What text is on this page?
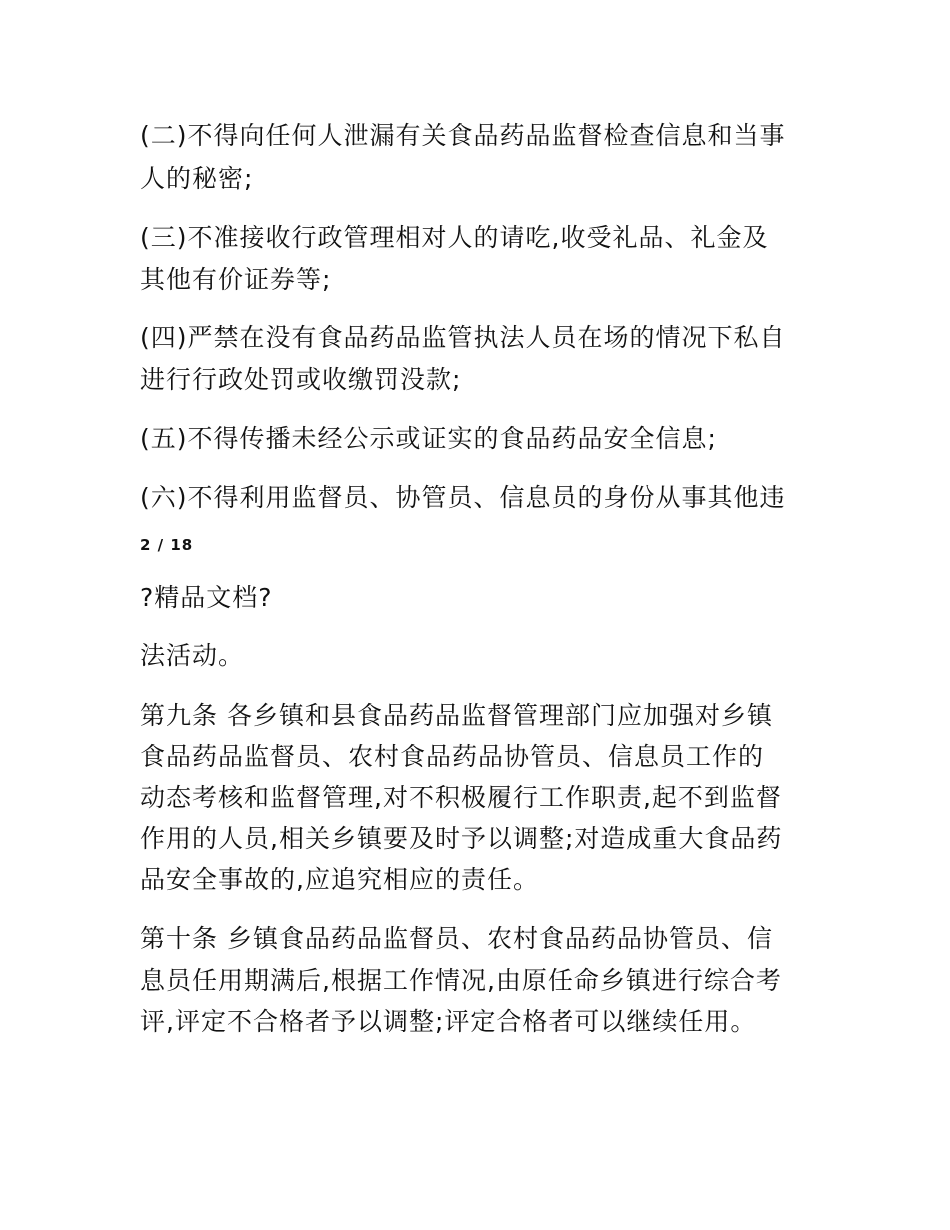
(二)不得向任何人泄漏有关食品药品监督检查信息和当事
人的秘密;
(三)不准接收行政管理相对人的请吃,收受礼品、礼金及
其他有价证券等;
(四)严禁在没有食品药品监管执法人员在场的情况下私自
进行行政处罚或收缴罚没款;
(五)不得传播未经公示或证实的食品药品安全信息;
(六)不得利用监督员、协管员、信息员的身份从事其他违
2 / 18
?精品文档?
法活动。
第九条 各乡镇和县食品药品监督管理部门应加强对乡镇
食品药品监督员、农村食品药品协管员、信息员工作的
动态考核和监督管理,对不积极履行工作职责,起不到监督
作用的人员,相关乡镇要及时予以调整;对造成重大食品药
品安全事故的,应追究相应的责任。
第十条 乡镇食品药品监督员、农村食品药品协管员、信
息员任用期满后,根据工作情况,由原任命乡镇进行综合考
评,评定不合格者予以调整;评定合格者可以继续任用。
